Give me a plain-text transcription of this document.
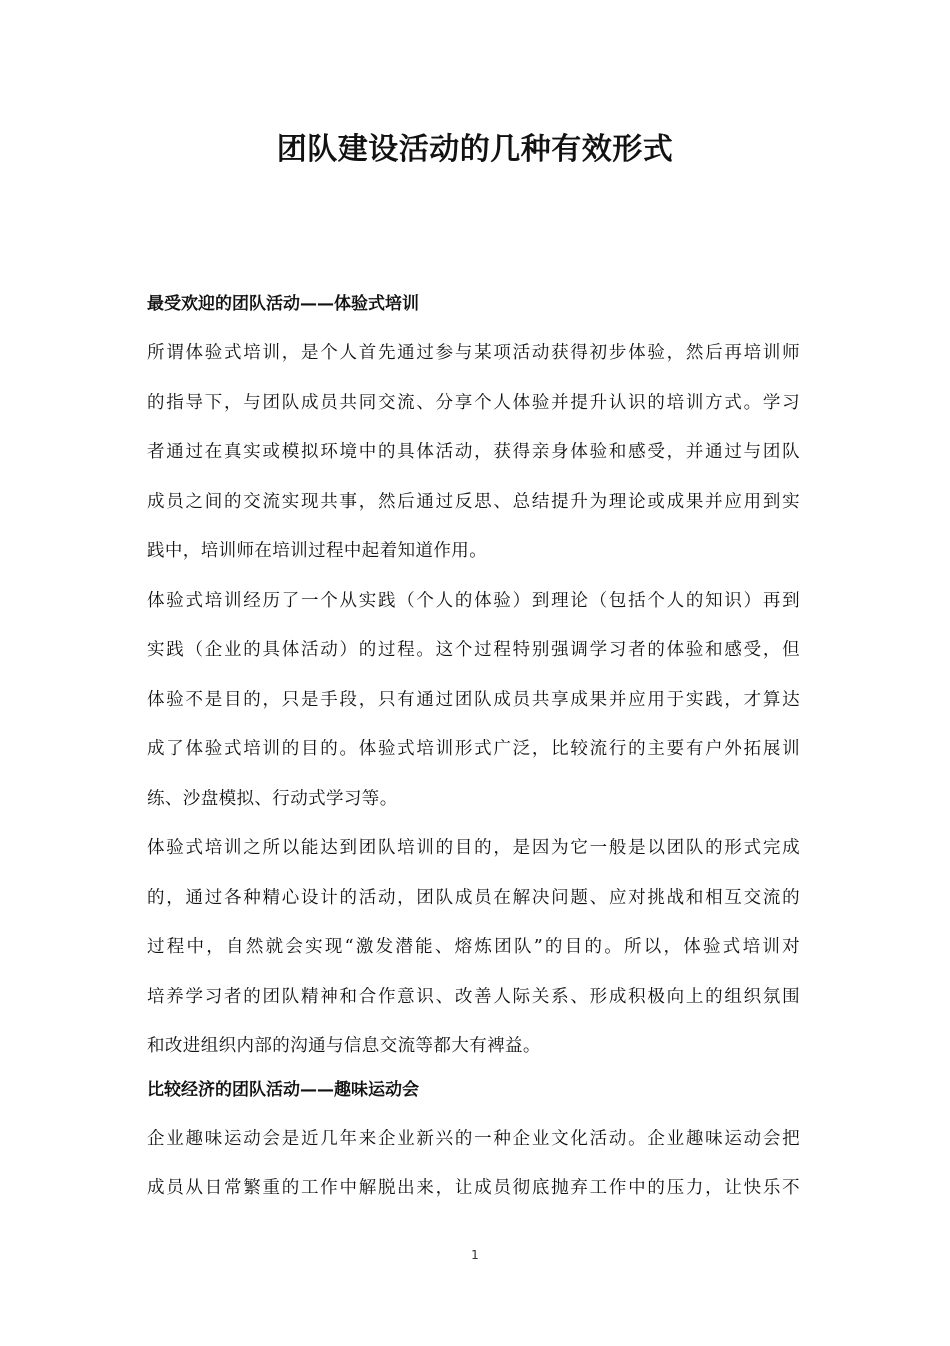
团队建设活动的几种有效形式
最受欢迎的团队活动——体验式培训
所谓体验式培训，是个人首先通过参与某项活动获得初步体验，然后再培训师
的指导下，与团队成员共同交流、分享个人体验并提升认识的培训方式。学习
者通过在真实或模拟环境中的具体活动，获得亲身体验和感受，并通过与团队
成员之间的交流实现共事，然后通过反思、总结提升为理论或成果并应用到实
践中，培训师在培训过程中起着知道作用。
体验式培训经历了一个从实践（个人的体验）到理论（包括个人的知识）再到
实践（企业的具体活动）的过程。这个过程特别强调学习者的体验和感受，但
体验不是目的，只是手段，只有通过团队成员共享成果并应用于实践，才算达
成了体验式培训的目的。体验式培训形式广泛，比较流行的主要有户外拓展训
练、沙盘模拟、行动式学习等。
体验式培训之所以能达到团队培训的目的，是因为它一般是以团队的形式完成
的，通过各种精心设计的活动，团队成员在解决问题、应对挑战和相互交流的
过程中，自然就会实现“激发潜能、熔炼团队”的目的。所以，体验式培训对
培养学习者的团队精神和合作意识、改善人际关系、形成积极向上的组织氛围
和改进组织内部的沟通与信息交流等都大有裨益。
比较经济的团队活动——趣味运动会
企业趣味运动会是近几年来企业新兴的一种企业文化活动。企业趣味运动会把
成员从日常繁重的工作中解脱出来，让成员彻底抛弃工作中的压力，让快乐不
1
